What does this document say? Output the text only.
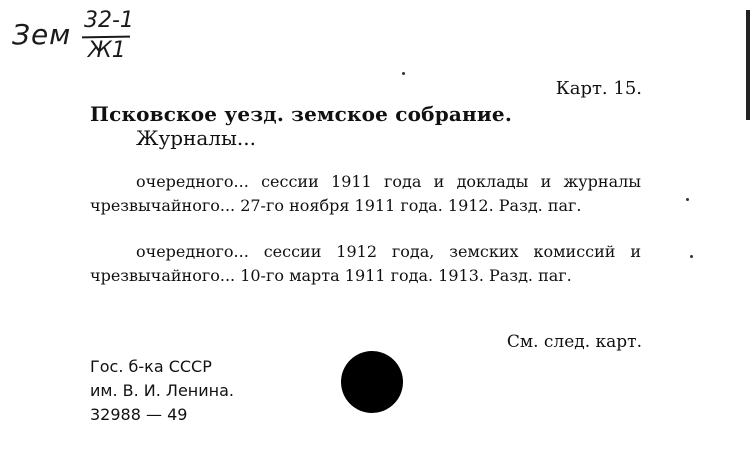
Зем 32-1
Ж1
Карт. 15.
Псковское уезд. земское собрание.
Журналы...
очередного... сессии 1911 года и доклады и журналы чрезвычайного... 27-го ноября 1911 года. 1912. Разд. паг.
очередного... сессии 1912 года, земских комиссий и чрезвычайного... 10-го марта 1911 года. 1913. Разд. паг.
См. след. карт.
Гос. б-ка СССР
им. В. И. Ленина.
32988 — 49
